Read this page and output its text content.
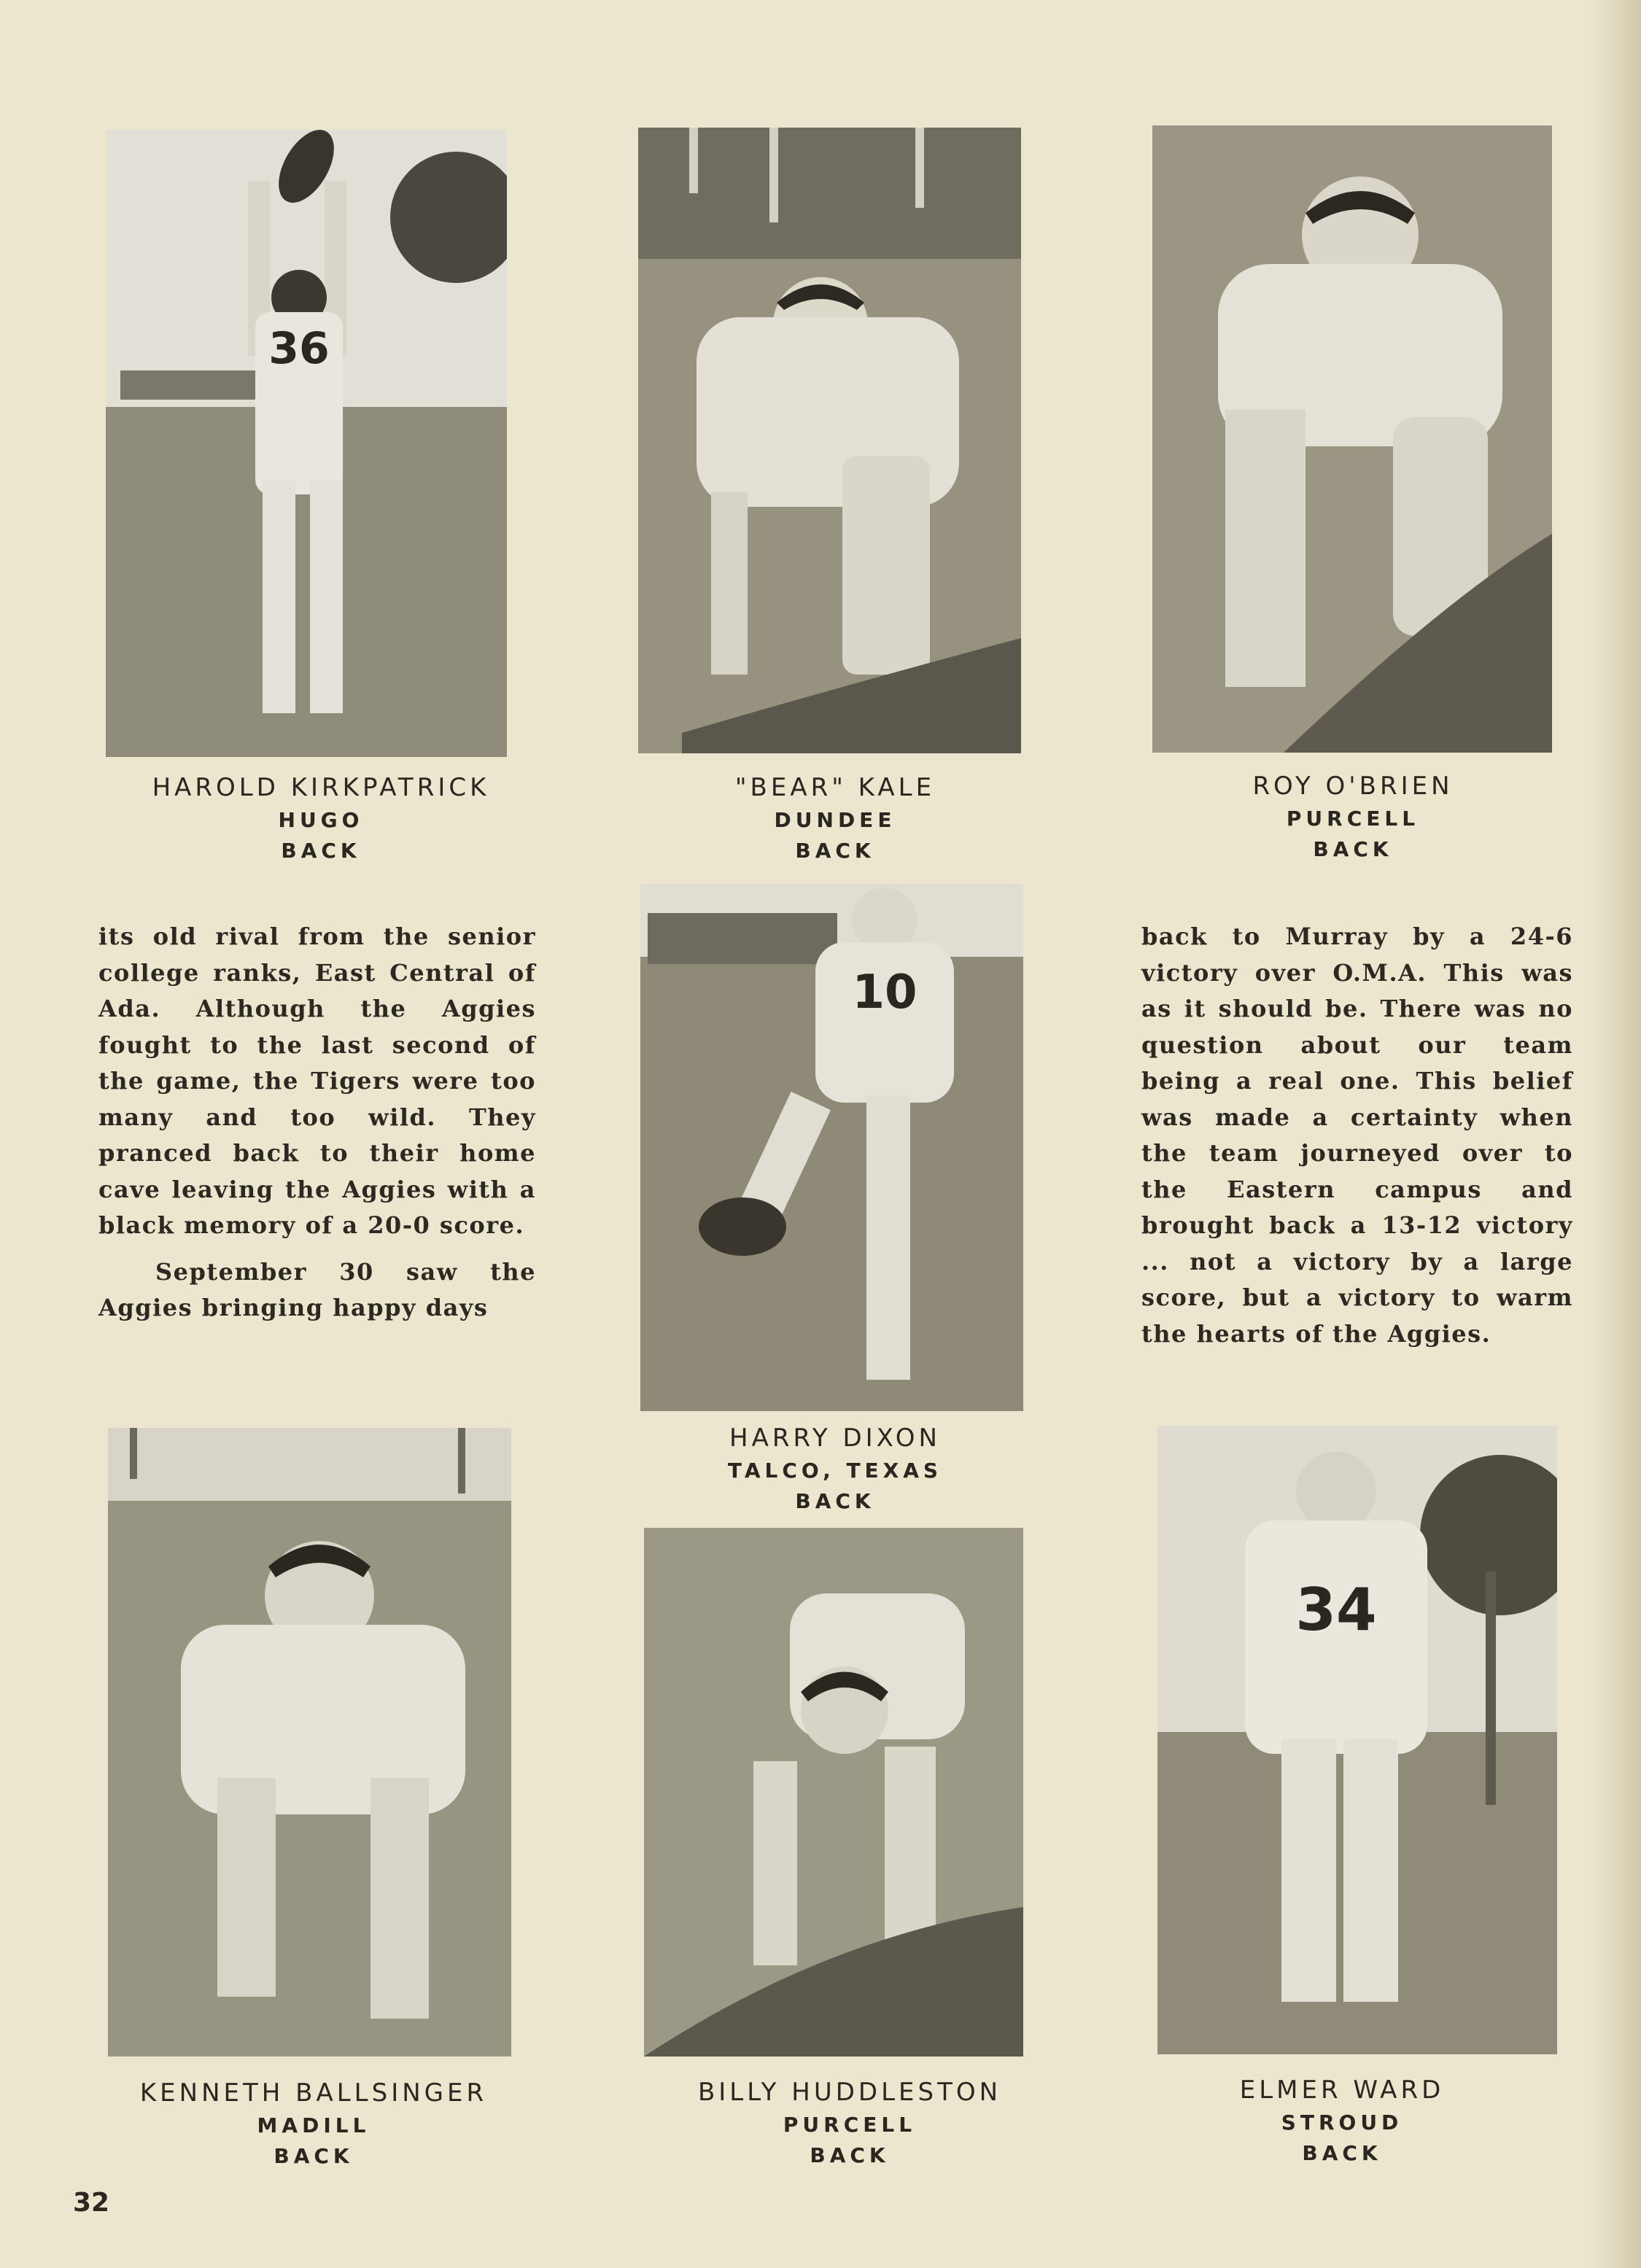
36
HAROLD KIRKPATRICK
HUGO
BACK
"BEAR" KALE
DUNDEE
BACK
ROY O'BRIEN
PURCELL
BACK

its old rival from the senior college ranks, East Central of Ada. Although the Aggies fought to the last second of the game, the Tigers were too many and too wild. They pranced back to their home cave leaving the Aggies with a black memory of a 20-0 score.

September 30 saw the Aggies bringing happy days

10
HARRY DIXON
TALCO, TEXAS
BACK

back to Murray by a 24-6 victory over O.M.A. This was as it should be. There was no question about our team being a real one. This belief was made a certainty when the team journeyed over to the Eastern campus and brought back a 13-12 victory ... not a victory by a large score, but a victory to warm the hearts of the Aggies.

KENNETH BALLSINGER
MADILL
BACK
BILLY HUDDLESTON
PURCELL
BACK
34
ELMER WARD
STROUD
BACK
32
